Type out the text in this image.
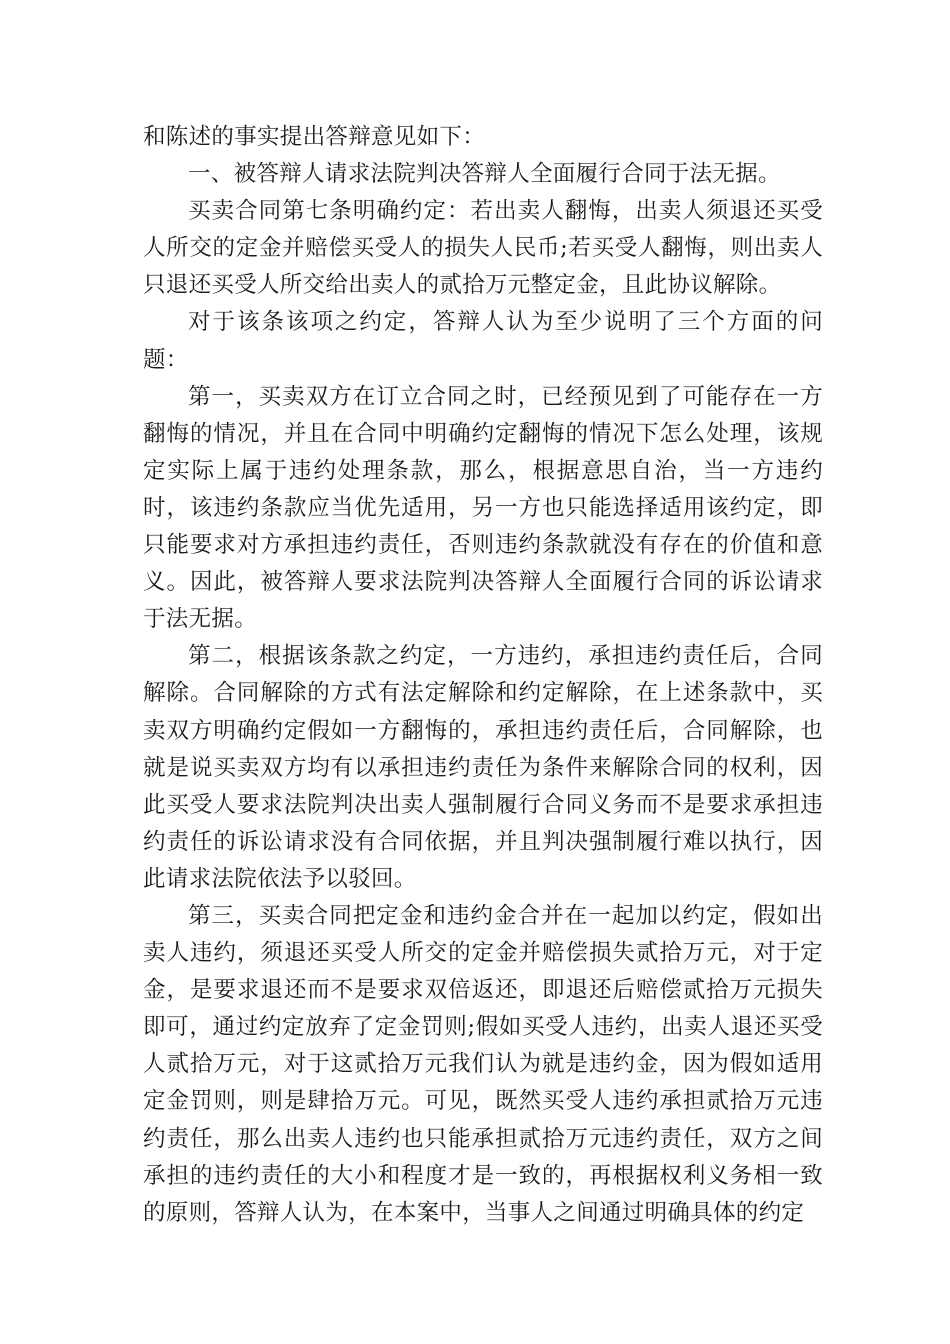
和陈述的事实提出答辩意见如下：

一、被答辩人请求法院判决答辩人全面履行合同于法无据。

买卖合同第七条明确约定：若出卖人翻悔，出卖人须退还买受人所交的定金并赔偿买受人的损失人民币;若买受人翻悔，则出卖人只退还买受人所交给出卖人的贰拾万元整定金，且此协议解除。

对于该条该项之约定，答辩人认为至少说明了三个方面的问题：

第一，买卖双方在订立合同之时，已经预见到了可能存在一方翻悔的情况，并且在合同中明确约定翻悔的情况下怎么处理，该规定实际上属于违约处理条款，那么，根据意思自治，当一方违约时，该违约条款应当优先适用，另一方也只能选择适用该约定，即只能要求对方承担违约责任，否则违约条款就没有存在的价值和意义。因此，被答辩人要求法院判决答辩人全面履行合同的诉讼请求于法无据。

第二，根据该条款之约定，一方违约，承担违约责任后，合同解除。合同解除的方式有法定解除和约定解除，在上述条款中，买卖双方明确约定假如一方翻悔的，承担违约责任后，合同解除，也就是说买卖双方均有以承担违约责任为条件来解除合同的权利，因此买受人要求法院判决出卖人强制履行合同义务而不是要求承担违约责任的诉讼请求没有合同依据，并且判决强制履行难以执行，因此请求法院依法予以驳回。

第三，买卖合同把定金和违约金合并在一起加以约定，假如出卖人违约，须退还买受人所交的定金并赔偿损失贰拾万元，对于定金，是要求退还而不是要求双倍返还，即退还后赔偿贰拾万元损失即可，通过约定放弃了定金罚则;假如买受人违约，出卖人退还买受人贰拾万元，对于这贰拾万元我们认为就是违约金，因为假如适用定金罚则，则是肆拾万元。可见，既然买受人违约承担贰拾万元违约责任，那么出卖人违约也只能承担贰拾万元违约责任，双方之间承担的违约责任的大小和程度才是一致的，再根据权利义务相一致的原则，答辩人认为，在本案中，当事人之间通过明确具体的约定
